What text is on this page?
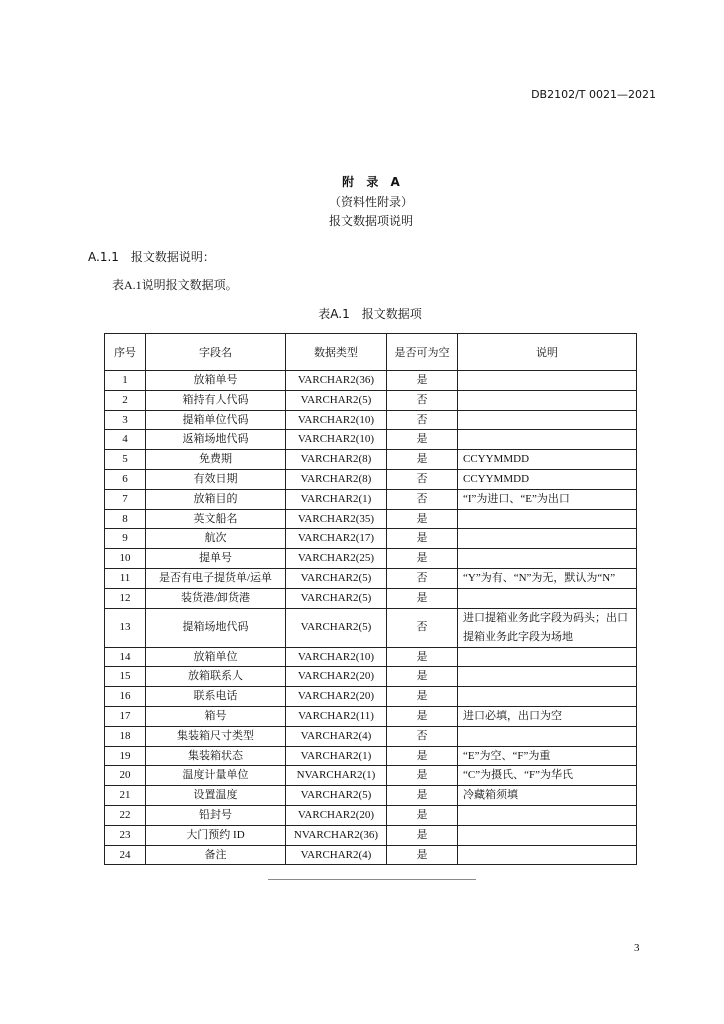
DB2102/T 0021—2021
附 录 A
（资料性附录）
报文数据项说明
A.1.1 报文数据说明：
表A.1说明报文数据项。
表A.1　报文数据项
序号	字段名	数据类型	是否可为空	说明
1	放箱单号	VARCHAR2(36)	是	
2	箱持有人代码	VARCHAR2(5)	否	
3	提箱单位代码	VARCHAR2(10)	否	
4	返箱场地代码	VARCHAR2(10)	是	
5	免费期	VARCHAR2(8)	是	CCYYMMDD
6	有效日期	VARCHAR2(8)	否	CCYYMMDD
7	放箱目的	VARCHAR2(1)	否	“I”为进口、“E”为出口
8	英文船名	VARCHAR2(35)	是	
9	航次	VARCHAR2(17)	是	
10	提单号	VARCHAR2(25)	是	
11	是否有电子提货单/运单	VARCHAR2(5)	否	“Y”为有、“N”为无，默认为“N”
12	装货港/卸货港	VARCHAR2(5)	是	
13	提箱场地代码	VARCHAR2(5)	否	进口提箱业务此字段为码头；出口提箱业务此字段为场地
14	放箱单位	VARCHAR2(10)	是	
15	放箱联系人	VARCHAR2(20)	是	
16	联系电话	VARCHAR2(20)	是	
17	箱号	VARCHAR2(11)	是	进口必填，出口为空
18	集装箱尺寸类型	VARCHAR2(4)	否	
19	集装箱状态	VARCHAR2(1)	是	“E”为空、“F”为重
20	温度计量单位	NVARCHAR2(1)	是	“C”为摄氏、“F”为华氏
21	设置温度	VARCHAR2(5)	是	冷藏箱须填
22	铅封号	VARCHAR2(20)	是	
23	大门预约 ID	NVARCHAR2(36)	是	
24	备注	VARCHAR2(4)	是	
3
